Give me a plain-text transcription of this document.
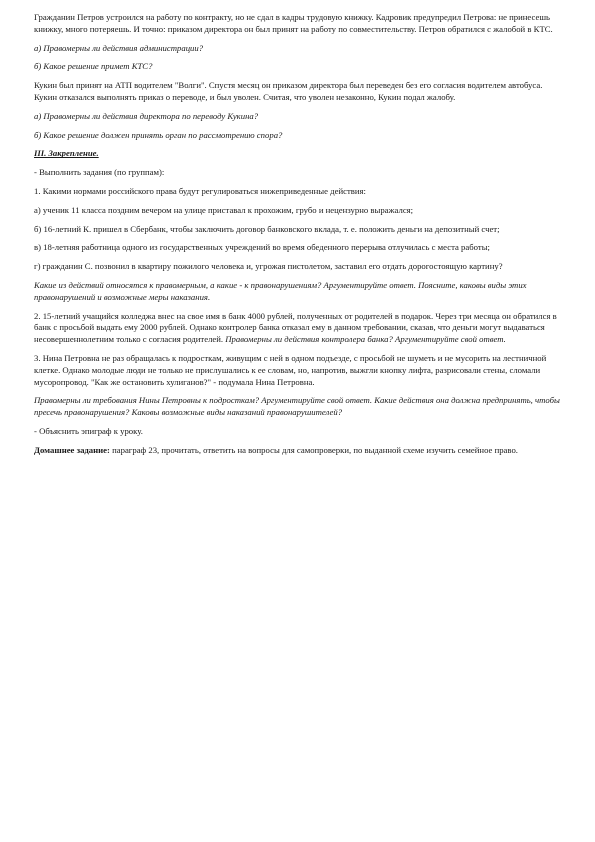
Гражданин Петров устроился на работу по контракту, но не сдал в кадры трудовую книжку. Кадровик предупредил Петрова: не принесешь книжку, много потеряешь. И точно: приказом директора он был принят на работу по совместительству. Петров обратился с жалобой в КТС.

а) Правомерны ли действия администрации?

б) Какое решение примет КТС?

Кукин был принят на АТП водителем "Волги". Спустя месяц он приказом директора был переведен без его согласия водителем автобуса. Кукин отказался выполнять приказ о переводе, и был уволен. Считая, что уволен незаконно, Кукин подал жалобу.

а) Правомерны ли действия директора по переводу Кукина?

б) Какое решение должен принять орган по рассмотрению спора?

III. Закрепление.

- Выполнить задания (по группам):

1. Какими нормами российского права будут регулироваться нижеприведенные действия:

а) ученик 11 класса поздним вечером на улице приставал к прохожим, грубо и нецензурно выражался;

б) 16-летний К. пришел в Сбербанк, чтобы заключить договор банковского вклада, т. е. положить деньги на депозитный счет;

в) 18-летняя работница одного из государственных учреждений во время обеденного перерыва отлучилась с места работы;

г) гражданин С. позвонил в квартиру пожилого человека и, угрожая пистолетом, заставил его отдать дорогостоящую картину?

Какие из действий относятся к правомерным, а какие - к правонарушениям? Аргументируйте ответ. Поясните, каковы виды этих правонарушений и возможные меры наказания.

2. 15-летний учащийся колледжа внес на свое имя в банк 4000 рублей, полученных от родителей в подарок. Через три месяца он обратился в банк с просьбой выдать ему 2000 рублей. Однако контролер банка отказал ему в данном требовании, сказав, что деньги могут выдаваться несовершеннолетним только с согласия родителей. Правомерны ли действия контролера банка? Аргументируйте свой ответ.

3. Нина Петровна не раз обращалась к подросткам, живущим с ней в одном подъезде, с просьбой не шуметь и не мусорить на лестничной клетке. Однако молодые люди не только не прислушались к ее словам, но, напротив, выжгли кнопку лифта, разрисовали стены, сломали мусоропровод. "Как же остановить хулиганов?" - подумала Нина Петровна.

Правомерны ли требования Нины Петровны к подросткам? Аргументируйте свой ответ. Какие действия она должна предпринять, чтобы пресечь правонарушения? Каковы возможные виды наказаний правонарушителей?

- Объяснить эпиграф к уроку.

Домашнее задание: параграф 23, прочитать, ответить на вопросы для самопроверки, по выданной схеме изучить семейное право.
